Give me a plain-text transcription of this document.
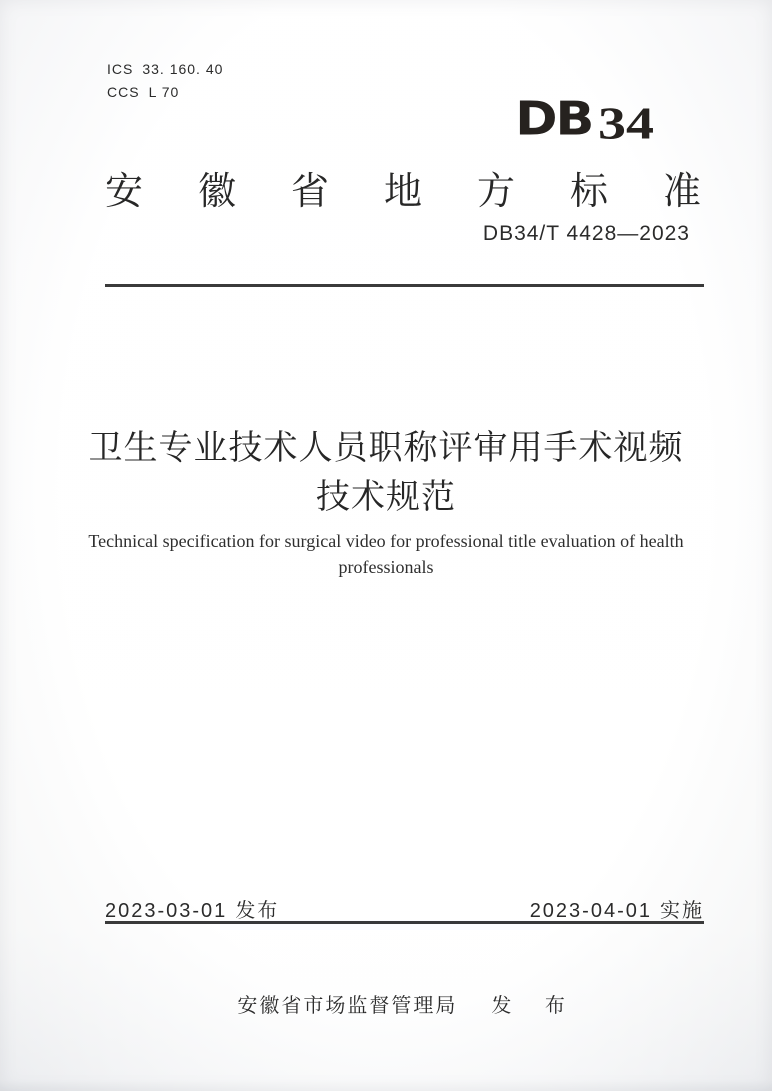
ICS 33. 160. 40
CCS L 70
DB34
安徽省地方标准
DB34/T 4428—2023
卫生专业技术人员职称评审用手术视频技术规范
Technical specification for surgical video for professional title evaluation of health professionals
2023-03-01 发布	2023-04-01 实施

安徽省市场监督管理局 发 布
